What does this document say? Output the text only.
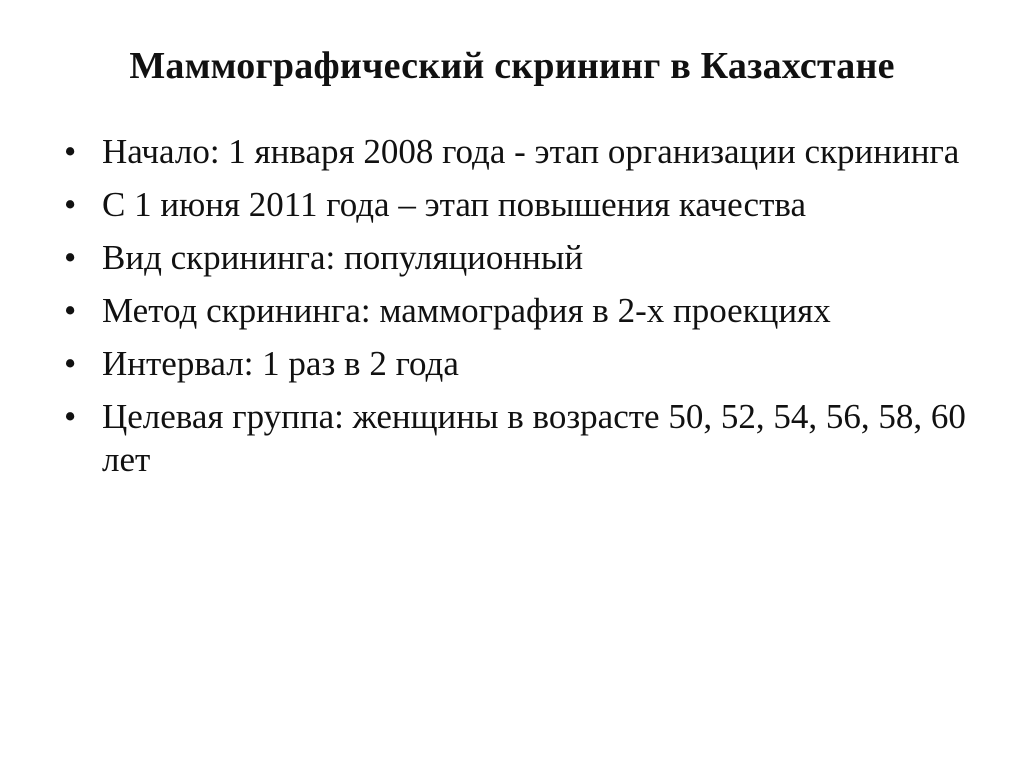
Маммографический скрининг в Казахстане
• Начало: 1 января 2008 года - этап организации скрининга
• С 1 июня 2011 года – этап повышения качества
• Вид скрининга: популяционный
• Метод скрининга: маммография в 2-х проекциях
• Интервал: 1 раз в 2 года
• Целевая группа: женщины в возрасте 50, 52, 54, 56, 58, 60 лет
